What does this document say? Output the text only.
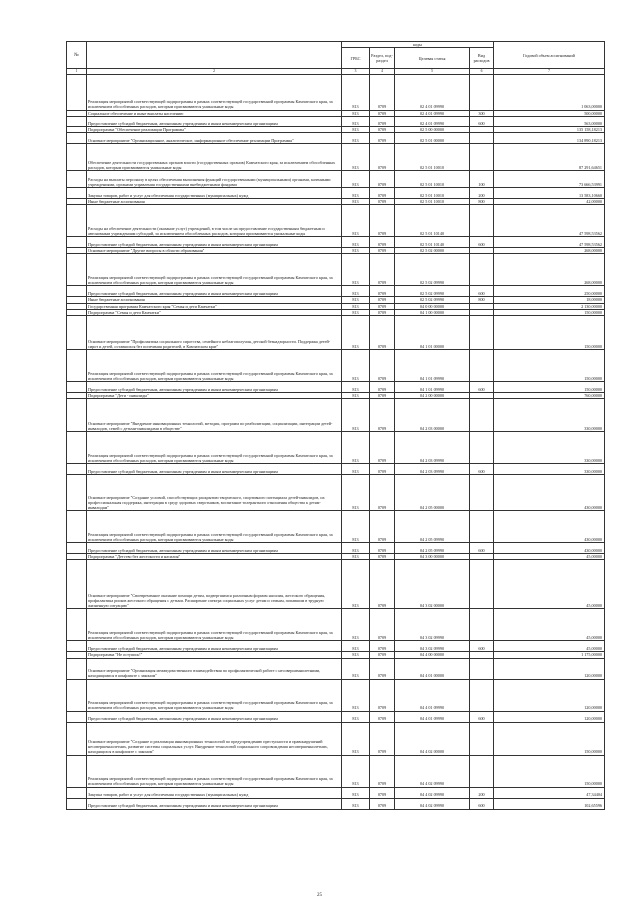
№		коды				Годовой объем ассигнований
		ГРБС	Раздел, под-раздел	Целевая статья	Вид расходов	
1	2	3	4	5	6	7
	Реализация мероприятий соответствующей подпрограммы в рамках соответствующей государственной программы Камчатского края, за исключением обособленных расходов, которым присваиваются уникальные коды	813	0709	02 4 01 09990		1 063,00000
	Социальное обеспечение и иные выплаты населению	813	0709	02 4 01 09990	300	500,00000
	Предоставление субсидий бюджетным, автономным учреждениям и иным некоммерческим организациям	813	0709	02 4 01 09990	600	563,00000
	Подпрограмма "Обеспечение реализации Программы"	813	0709	02 5 00 00000		135 158,18213
	Основное мероприятие "Организационное, аналитическое, информационное обеспечение реализации Программы"	813	0709	02 5 01 00000		134 890,18213
	Обеспечение деятельности государственных органов власти (государственных органов) Камчатского края, за исключением обособленных расходов, которым присваиваются уникальные коды	813	0709	02 5 01 10010		87 291,64651
	Расходы на выплаты персоналу в целях обеспечения выполнения функций государственными (муниципальными) органами, казенными учреждениями, органами управления государственными внебюджетными фондами	813	0709	02 5 01 10010	100	73 666,53991
	Закупка товаров, работ и услуг для обеспечения государственных (муниципальных) нужд	813	0709	02 5 01 10010	200	13 583,10660
	Иные бюджетные ассигнования	813	0709	02 5 01 10010	800	42,00000
	Расходы на обеспечение деятельности (оказание услуг) учреждений, в том числе на предоставление государственным бюджетным и автономным учреждениям субсидий, за исключением обособленных расходов, которым присваиваются уникальные коды	813	0709	02 5 01 10140		47 598,53562
	Предоставление субсидий бюджетным, автономным учреждениям и иным некоммерческим организациям	813	0709	02 5 01 10140	600	47 598,53562
	Основное мероприятие "Другие вопросы в области образования"	813	0709	02 5 02 00000		268,00000
	Реализация мероприятий соответствующей подпрограммы в рамках соответствующей государственной программы Камчатского края, за исключением обособленных расходов, которым присваиваются уникальные коды	813	0709	02 5 02 09990		268,00000
	Предоставление субсидий бюджетным, автономным учреждениям и иным некоммерческим организациям	813	0709	02 5 02 09990	600	250,00000
	Иные бюджетные ассигнования	813	0709	02 5 02 09990	800	18,00000
	Государственная программа Камчатского края "Семья и дети Камчатки"	813	0709	04 0 00 00000		2 130,00000
	Подпрограмма "Семья и дети Камчатки"	813	0709	04 1 00 00000		150,00000
	Основное мероприятие "Профилактика социального сиротства, семейного неблагополучия, детской безнадзорности. Поддержка детей-сирот и детей, оставшихся без попечения родителей, в Камчатском крае"	813	0709	04 1 01 00000		150,00000
	Реализация мероприятий соответствующей подпрограммы в рамках соответствующей государственной программы Камчатского края, за исключением обособленных расходов, которым присваиваются уникальные коды	813	0709	04 1 01 09990		150,00000
	Предоставление субсидий бюджетным, автономным учреждениям и иным некоммерческим организациям	813	0709	04 1 01 09990	600	150,00000
	Подпрограмма "Дети - инвалиды"	813	0709	04 2 00 00000		760,00000
	Основное мероприятие "Внедрение инновационных технологий, методик, программ по реабилитации, социализации, интеграции детей-инвалидов, семей с детьми-инвалидами в обществе"	813	0709	04 2 03 00000		330,00000
	Реализация мероприятий соответствующей подпрограммы в рамках соответствующей государственной программы Камчатского края, за исключением обособленных расходов, которым присваиваются уникальные коды	813	0709	04 2 03 09990		330,00000
	Предоставление субсидий бюджетным, автономным учреждениям и иным некоммерческим организациям	813	0709	04 2 03 09990	600	330,00000
	Основное мероприятие "Создание условий, способствующих раскрытию творческого, спортивного потенциала детей-инвалидов, их профессиональная поддержка, интеграция в среду здоровых сверстников, воспитание толерантного отношения общества к детям-инвалидам"	813	0709	04 2 05 00000		430,00000
	Реализация мероприятий соответствующей подпрограммы в рамках соответствующей государственной программы Камчатского края, за исключением обособленных расходов, которым присваиваются уникальные коды	813	0709	04 2 05 09990		430,00000
	Предоставление субсидий бюджетным, автономным учреждениям и иным некоммерческим организациям	813	0709	04 2 05 09990	600	430,00000
	Подпрограмма "Детство без жестокости и насилия"	813	0709	04 3 00 00000		45,00000
	Основное мероприятие "Своевременное оказание помощи детям, подвергшимся различным формам насилия, жестокого обращения, профилактика рисков жестокого обращения с детьми. Расширение спектра социальных услуг детям и семьям, попавшим в трудную жизненную ситуацию"	813	0709	04 3 02 00000		45,00000
	Реализация мероприятий соответствующей подпрограммы в рамках соответствующей государственной программы Камчатского края, за исключением обособленных расходов, которым присваиваются уникальные коды	813	0709	04 3 02 09990		45,00000
	Предоставление субсидий бюджетным, автономным учреждениям и иным некоммерческим организациям	813	0709	04 3 02 09990	600	45,00000
	Подпрограмма "Не оступись!"	813	0709	04 4 00 00000		1 175,00000
	Основное мероприятие "Организация межведомственного взаимодействия по профилактической работе с несовершеннолетними, находящимися в конфликте с законом"	813	0709	04 4 01 00000		120,00000
	Реализация мероприятий соответствующей подпрограммы в рамках соответствующей государственной программы Камчатского края, за исключением обособленных расходов, которым присваиваются уникальные коды	813	0709	04 4 01 09990		120,00000
	Предоставление субсидий бюджетным, автономным учреждениям и иным некоммерческим организациям	813	0709	04 4 01 09990	600	120,00000
	Основное мероприятие "Создание и реализация инновационных технологий по предупреждению преступности и правонарушений несовершеннолетних, развитие системы социальных услуг. Внедрение технологий социального сопровождения несовершеннолетних, находящихся в конфликте с законом"	813	0709	04 4 02 00000		150,00000
	Реализация мероприятий соответствующей подпрограммы в рамках соответствующей государственной программы Камчатского края, за исключением обособленных расходов, которым присваиваются уникальные коды	813	0709	04 4 02 09990		150,00000
	Закупка товаров, работ и услуг для обеспечения государственных (муниципальных) нужд	813	0709	04 4 02 09990	200	47,34404
	Предоставление субсидий бюджетным, автономным учреждениям и иным некоммерческим организациям	813	0709	04 4 02 09990	600	102,65596
25
